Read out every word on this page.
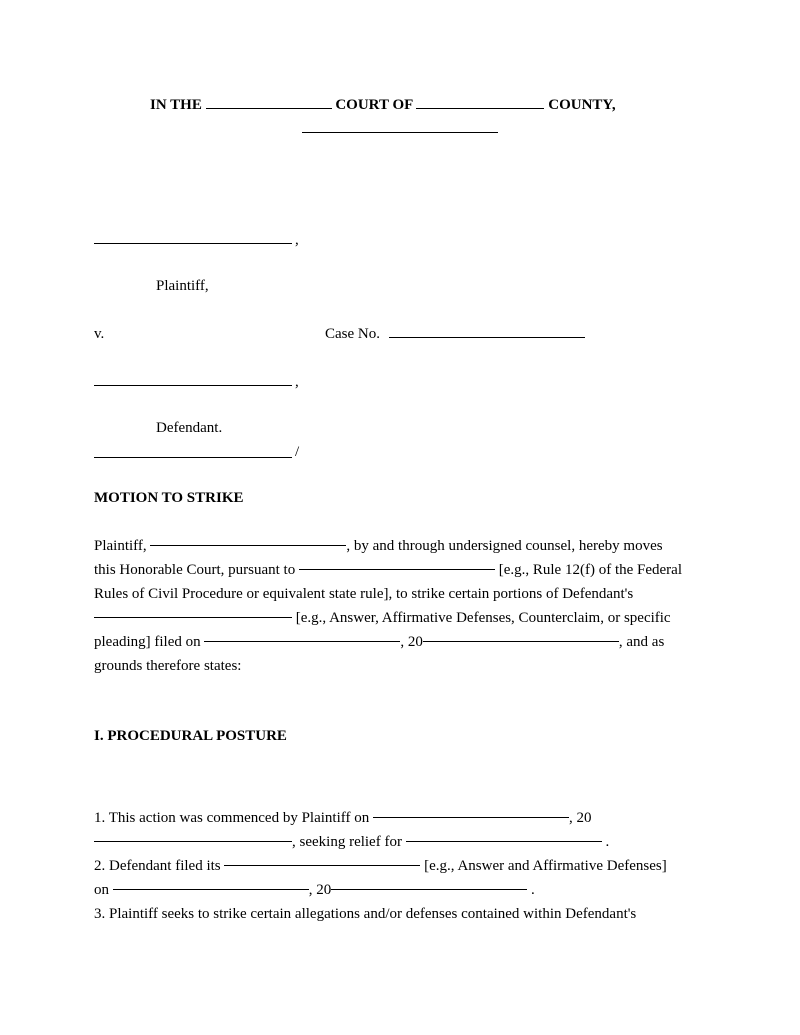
IN THE	COURT OF	COUNTY,
,
Plaintiff,
v.	Case No.
,
Defendant.
/
MOTION TO STRIKE
Plaintiff,	, by and through undersigned counsel, hereby moves
this Honorable Court, pursuant to	[e.g., Rule 12(f) of the Federal
Rules of Civil Procedure or equivalent state rule], to strike certain portions of Defendant's
[e.g., Answer, Affirmative Defenses, Counterclaim, or specific
pleading] filed on	, 20	, and as
grounds therefore states:
I. PROCEDURAL POSTURE
1. This action was commenced by Plaintiff on	, 20
, seeking relief for	.
2. Defendant filed its	[e.g., Answer and Affirmative Defenses]
on	, 20	.
3. Plaintiff seeks to strike certain allegations and/or defenses contained within Defendant's
